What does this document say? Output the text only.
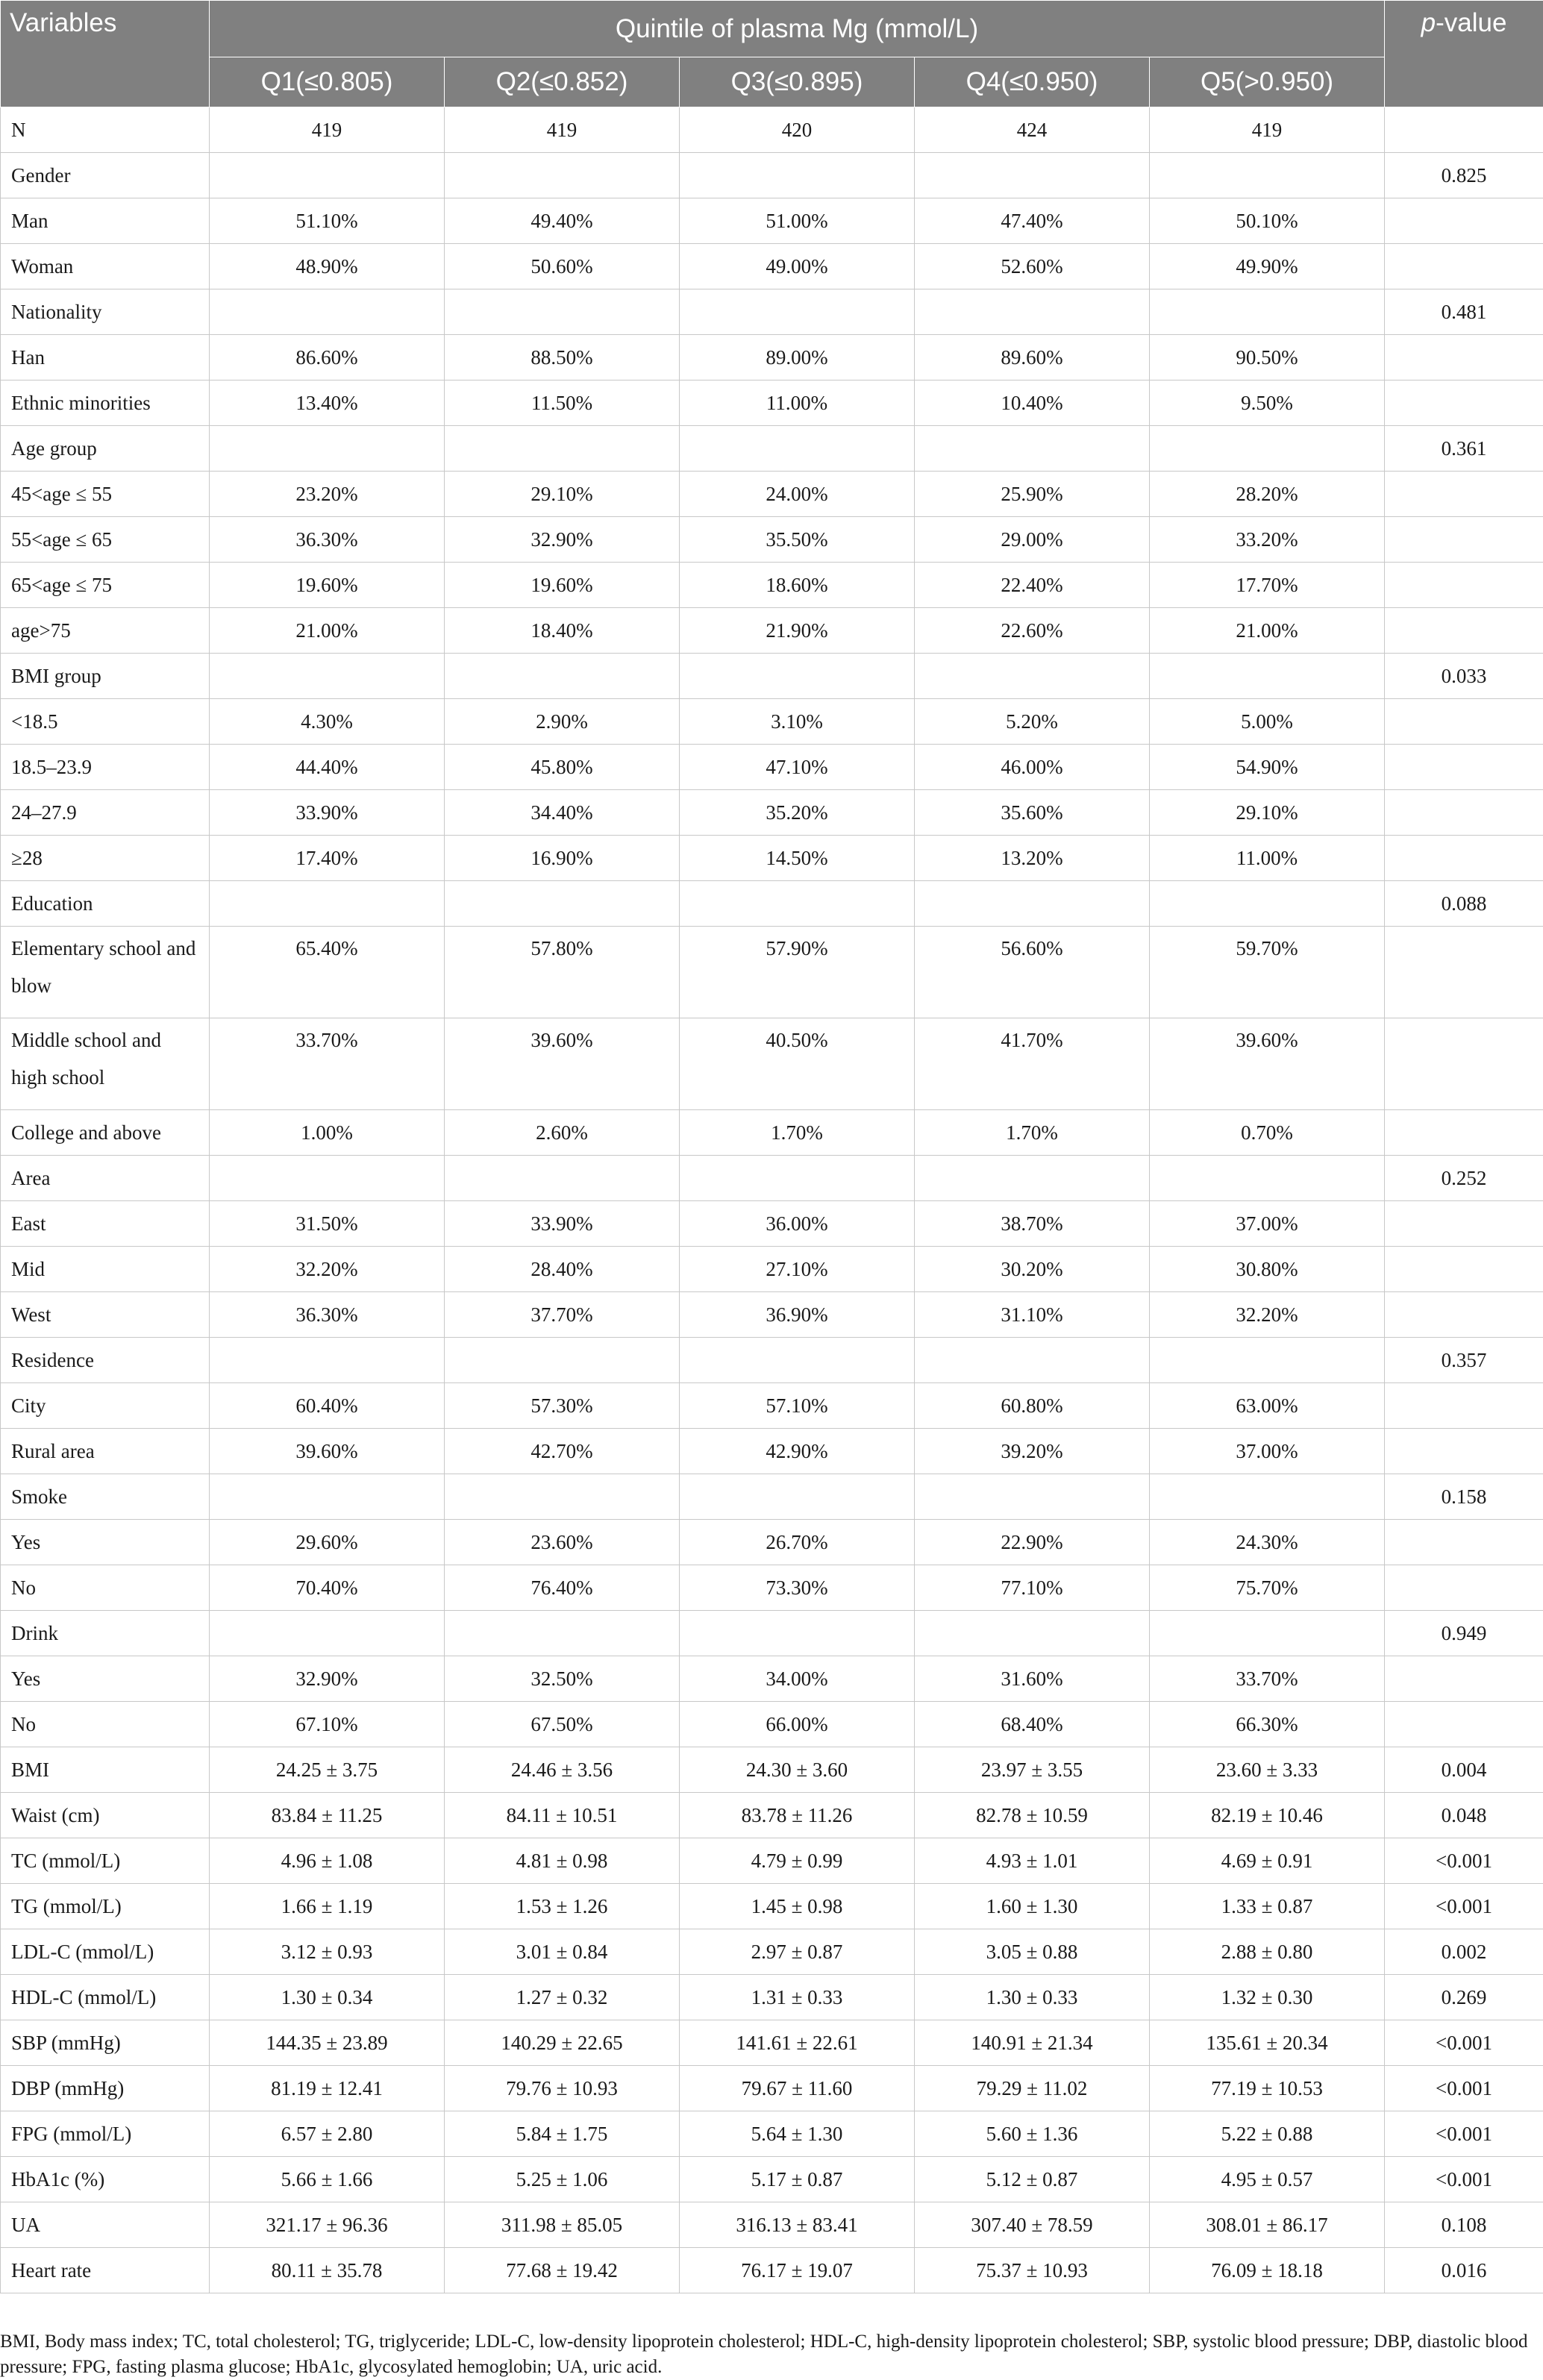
Variables	Quintile of plasma Mg (mmol/L)					p-value
	Q1(≤0.805)	Q2(≤0.852)	Q3(≤0.895)	Q4(≤0.950)	Q5(>0.950)	
N	419	419	420	424	419	
Gender						0.825
Man	51.10%	49.40%	51.00%	47.40%	50.10%	
Woman	48.90%	50.60%	49.00%	52.60%	49.90%	
Nationality						0.481
Han	86.60%	88.50%	89.00%	89.60%	90.50%	
Ethnic minorities	13.40%	11.50%	11.00%	10.40%	9.50%	
Age group						0.361
45<age ≤ 55	23.20%	29.10%	24.00%	25.90%	28.20%	
55<age ≤ 65	36.30%	32.90%	35.50%	29.00%	33.20%	
65<age ≤ 75	19.60%	19.60%	18.60%	22.40%	17.70%	
age>75	21.00%	18.40%	21.90%	22.60%	21.00%	
BMI group						0.033
<18.5	4.30%	2.90%	3.10%	5.20%	5.00%	
18.5–23.9	44.40%	45.80%	47.10%	46.00%	54.90%	
24–27.9	33.90%	34.40%	35.20%	35.60%	29.10%	
≥28	17.40%	16.90%	14.50%	13.20%	11.00%	
Education						0.088
Elementary school and blow	65.40%	57.80%	57.90%	56.60%	59.70%	
Middle school and high school	33.70%	39.60%	40.50%	41.70%	39.60%	
College and above	1.00%	2.60%	1.70%	1.70%	0.70%	
Area						0.252
East	31.50%	33.90%	36.00%	38.70%	37.00%	
Mid	32.20%	28.40%	27.10%	30.20%	30.80%	
West	36.30%	37.70%	36.90%	31.10%	32.20%	
Residence						0.357
City	60.40%	57.30%	57.10%	60.80%	63.00%	
Rural area	39.60%	42.70%	42.90%	39.20%	37.00%	
Smoke						0.158
Yes	29.60%	23.60%	26.70%	22.90%	24.30%	
No	70.40%	76.40%	73.30%	77.10%	75.70%	
Drink						0.949
Yes	32.90%	32.50%	34.00%	31.60%	33.70%	
No	67.10%	67.50%	66.00%	68.40%	66.30%	
BMI	24.25 ± 3.75	24.46 ± 3.56	24.30 ± 3.60	23.97 ± 3.55	23.60 ± 3.33	0.004
Waist (cm)	83.84 ± 11.25	84.11 ± 10.51	83.78 ± 11.26	82.78 ± 10.59	82.19 ± 10.46	0.048
TC (mmol/L)	4.96 ± 1.08	4.81 ± 0.98	4.79 ± 0.99	4.93 ± 1.01	4.69 ± 0.91	<0.001
TG (mmol/L)	1.66 ± 1.19	1.53 ± 1.26	1.45 ± 0.98	1.60 ± 1.30	1.33 ± 0.87	<0.001
LDL-C (mmol/L)	3.12 ± 0.93	3.01 ± 0.84	2.97 ± 0.87	3.05 ± 0.88	2.88 ± 0.80	0.002
HDL-C (mmol/L)	1.30 ± 0.34	1.27 ± 0.32	1.31 ± 0.33	1.30 ± 0.33	1.32 ± 0.30	0.269
SBP (mmHg)	144.35 ± 23.89	140.29 ± 22.65	141.61 ± 22.61	140.91 ± 21.34	135.61 ± 20.34	<0.001
DBP (mmHg)	81.19 ± 12.41	79.76 ± 10.93	79.67 ± 11.60	79.29 ± 11.02	77.19 ± 10.53	<0.001
FPG (mmol/L)	6.57 ± 2.80	5.84 ± 1.75	5.64 ± 1.30	5.60 ± 1.36	5.22 ± 0.88	<0.001
HbA1c (%)	5.66 ± 1.66	5.25 ± 1.06	5.17 ± 0.87	5.12 ± 0.87	4.95 ± 0.57	<0.001
UA	321.17 ± 96.36	311.98 ± 85.05	316.13 ± 83.41	307.40 ± 78.59	308.01 ± 86.17	0.108
Heart rate	80.11 ± 35.78	77.68 ± 19.42	76.17 ± 19.07	75.37 ± 10.93	76.09 ± 18.18	0.016
BMI, Body mass index; TC, total cholesterol; TG, triglyceride; LDL-C, low-density lipoprotein cholesterol; HDL-C, high-density lipoprotein cholesterol; SBP, systolic blood pressure; DBP, diastolic blood pressure; FPG, fasting plasma glucose; HbA1c, glycosylated hemoglobin; UA, uric acid.
